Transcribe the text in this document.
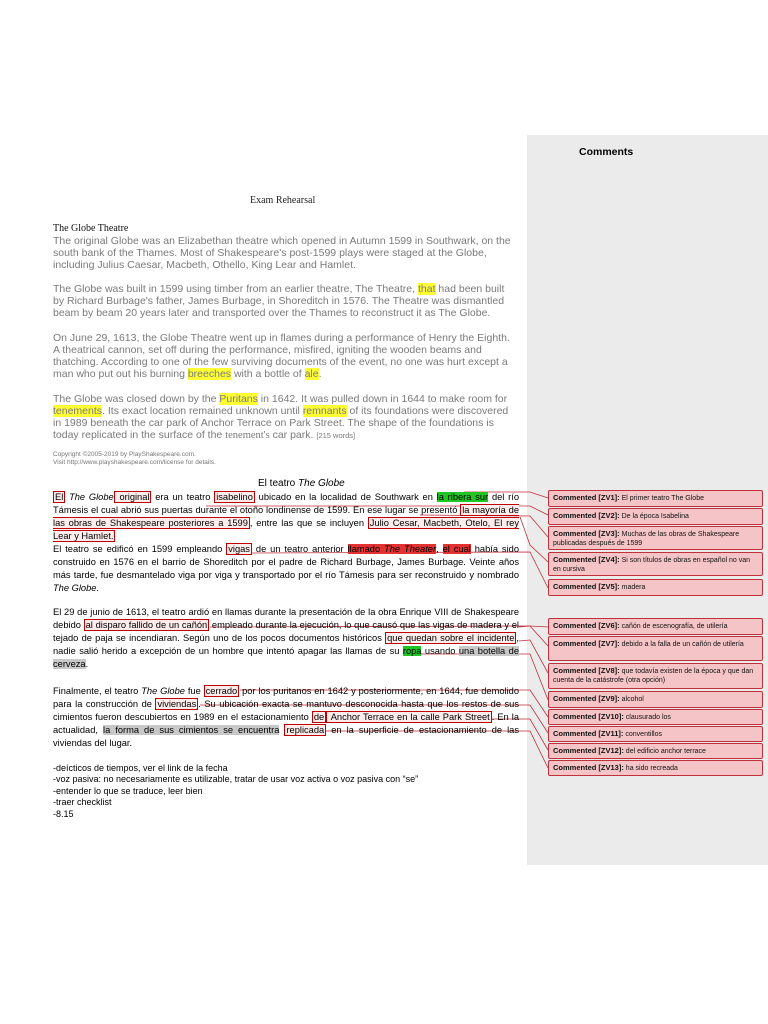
Comments
Exam Rehearsal
The Globe Theatre

The original Globe was an Elizabethan theatre which opened in Autumn 1599 in Southwark, on the south bank of the Thames. Most of Shakespeare's post-1599 plays were staged at the Globe, including Julius Caesar, Macbeth, Othello, King Lear and Hamlet.

The Globe was built in 1599 using timber from an earlier theatre, The Theatre, that had been built by Richard Burbage's father, James Burbage, in Shoreditch in 1576. The Theatre was dismantled beam by beam 20 years later and transported over the Thames to reconstruct it as The Globe.

On June 29, 1613, the Globe Theatre went up in flames during a performance of Henry the Eighth. A theatrical cannon, set off during the performance, misfired, igniting the wooden beams and thatching. According to one of the few surviving documents of the event, no one was hurt except a man who put out his burning breeches with a bottle of ale.

The Globe was closed down by the Puritans in 1642. It was pulled down in 1644 to make room for tenements. Its exact location remained unknown until remnants of its foundations were discovered in 1989 beneath the car park of Anchor Terrace on Park Street. The shape of the foundations is today replicated in the surface of the tenement's car park. [215 words]

Copyright ©2005-2019 by PlayShakespeare.com.
Visit http://www.playshakespeare.com/license for details.
El teatro The Globe

El The Globe original era un teatro isabelino ubicado en la localidad de Southwark en la ribera sur del río Támesis el cual abrió sus puertas durante el otoño londinense de 1599. En ese lugar se presentó la mayoría de las obras de Shakespeare posteriores a 1599 , entre las que se incluyen Julio Cesar, Macbeth, Otelo, El rey Lear y Hamlet.

El teatro se edificó en 1599 empleando vigas de un teatro anterior llamado The Theater, el cual había sido construido en 1576 en el barrio de Shoreditch por el padre de Richard Burbage, James Burbage. Veinte años más tarde, fue desmantelado viga por viga y transportado por el río Támesis para ser reconstruido y nombrado The Globe.

El 29 de junio de 1613, el teatro ardió en llamas durante la presentación de la obra Enrique VIII de Shakespeare debido al disparo fallido de un cañón empleado durante la ejecución, lo que causó que las vigas de madera y el tejado de paja se incendiaran. Según uno de los pocos documentos históricos que quedan sobre el incidente , nadie salió herido a excepción de un hombre que intentó apagar las llamas de su ropa usando una botella de cerveza.

Finalmente, el teatro The Globe fue cerrado por los puritanos en 1642 y posteriormente, en 1644, fue demolido para la construcción de viviendas . Su ubicación exacta se mantuvo desconocida hasta que los restos de sus cimientos fueron descubiertos en 1989 en el estacionamiento de Anchor Terrace en la calle Park Street . En la actualidad, la forma de sus cimientos se encuentra replicada en la superficie de estacionamiento de las viviendas del lugar.

-deícticos de tiempos, ver el link de la fecha
-voz pasiva: no necesariamente es utilizable, tratar de usar voz activa o voz pasiva con “se”
-entender lo que se traduce, leer bien
-traer checklist
-8.15
Commented [ZV1]: El primer teatro The Globe
Commented [ZV2]: De la época Isabelina
Commented [ZV3]: Muchas de las obras de Shakespeare publicadas después de 1599
Commented [ZV4]: Si son títulos de obras en español no van en cursiva
Commented [ZV5]: madera
Commented [ZV6]: cañón de escenografía, de utilería
Commented [ZV7]: debido a la falla de un cañón de utilería
Commented [ZV8]: que todavía existen de la época y que dan cuenta de la catástrofe (otra opción)
Commented [ZV9]: alcohol
Commented [ZV10]: clausurado los
Commented [ZV11]: conventillos
Commented [ZV12]: del edificio anchor terrace
Commented [ZV13]: ha sido recreada
